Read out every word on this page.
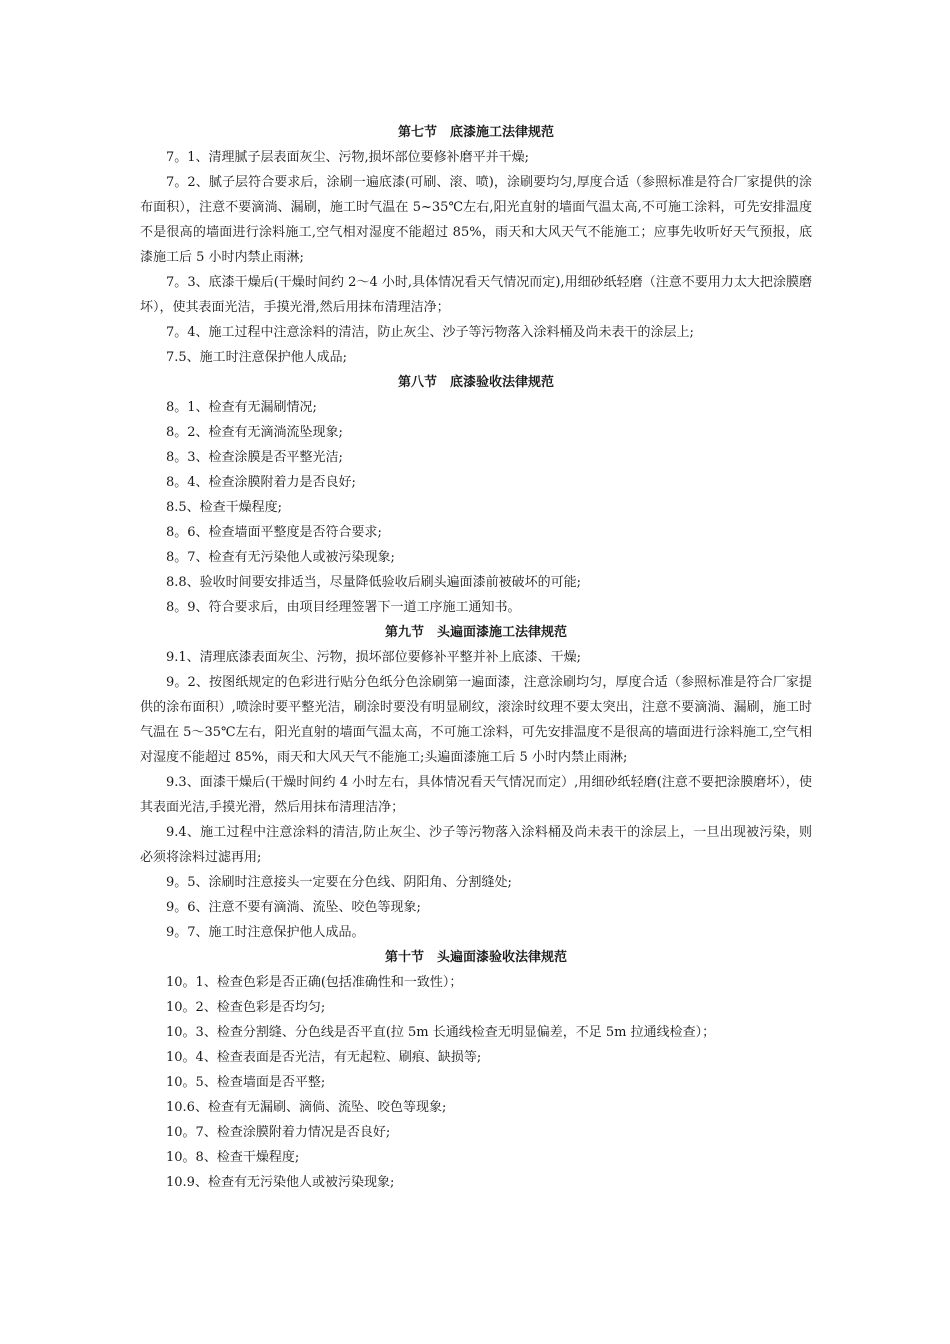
第七节　底漆施工法律规范

7。1、清理腻子层表面灰尘、污物,损坏部位要修补磨平并干燥;

7。2、腻子层符合要求后，涂刷一遍底漆(可刷、滚、喷)，涂刷要均匀,厚度合适（参照标准是符合厂家提供的涂布面积），注意不要滴淌、漏刷，施工时气温在 5~35℃左右,阳光直射的墙面气温太高,不可施工涂料，可先安排温度不是很高的墙面进行涂料施工,空气相对湿度不能超过 85%，雨天和大风天气不能施工；应事先收听好天气预报，底漆施工后 5 小时内禁止雨淋;

7。3、底漆干燥后(干燥时间约 2～4 小时,具体情况看天气情况而定),用细砂纸轻磨（注意不要用力太大把涂膜磨坏），使其表面光洁，手摸光滑,然后用抹布清理洁净；

7。4、施工过程中注意涂料的清洁，防止灰尘、沙子等污物落入涂料桶及尚未表干的涂层上;

7.5、施工时注意保护他人成品;

第八节　底漆验收法律规范

8。1、检查有无漏刷情况;

8。2、检查有无滴淌流坠现象;

8。3、检查涂膜是否平整光洁;

8。4、检查涂膜附着力是否良好;

8.5、检查干燥程度;

8。6、检查墙面平整度是否符合要求;

8。7、检查有无污染他人或被污染现象;

8.8、验收时间要安排适当，尽量降低验收后刷头遍面漆前被破坏的可能;

8。9、符合要求后，由项目经理签署下一道工序施工通知书。

第九节　头遍面漆施工法律规范

9.1、清理底漆表面灰尘、污物，损坏部位要修补平整并补上底漆、干燥;

9。2、按图纸规定的色彩进行贴分色纸分色涂刷第一遍面漆，注意涂刷均匀，厚度合适（参照标准是符合厂家提供的涂布面积）,喷涂时要平整光洁，刷涂时要没有明显刷纹，滚涂时纹理不要太突出，注意不要滴淌、漏刷，施工时气温在 5～35℃左右，阳光直射的墙面气温太高，不可施工涂料，可先安排温度不是很高的墙面进行涂料施工,空气相对湿度不能超过 85%，雨天和大风天气不能施工;头遍面漆施工后 5 小时内禁止雨淋;

9.3、面漆干燥后(干燥时间约 4 小时左右，具体情况看天气情况而定）,用细砂纸轻磨(注意不要把涂膜磨坏），使其表面光洁,手摸光滑，然后用抹布清理洁净；

9.4、施工过程中注意涂料的清洁,防止灰尘、沙子等污物落入涂料桶及尚未表干的涂层上，一旦出现被污染，则必须将涂料过滤再用;

9。5、涂刷时注意接头一定要在分色线、阴阳角、分割缝处;

9。6、注意不要有滴淌、流坠、咬色等现象;

9。7、施工时注意保护他人成品。

第十节　头遍面漆验收法律规范

10。1、检查色彩是否正确(包括准确性和一致性）；

10。2、检查色彩是否均匀;

10。3、检查分割缝、分色线是否平直(拉 5m 长通线检查无明显偏差，不足 5m 拉通线检查）；

10。4、检查表面是否光洁，有无起粒、刷痕、缺损等;

10。5、检查墙面是否平整;

10.6、检查有无漏刷、滴倘、流坠、咬色等现象;

10。7、检查涂膜附着力情况是否良好;

10。8、检查干燥程度;

10.9、检查有无污染他人或被污染现象;
